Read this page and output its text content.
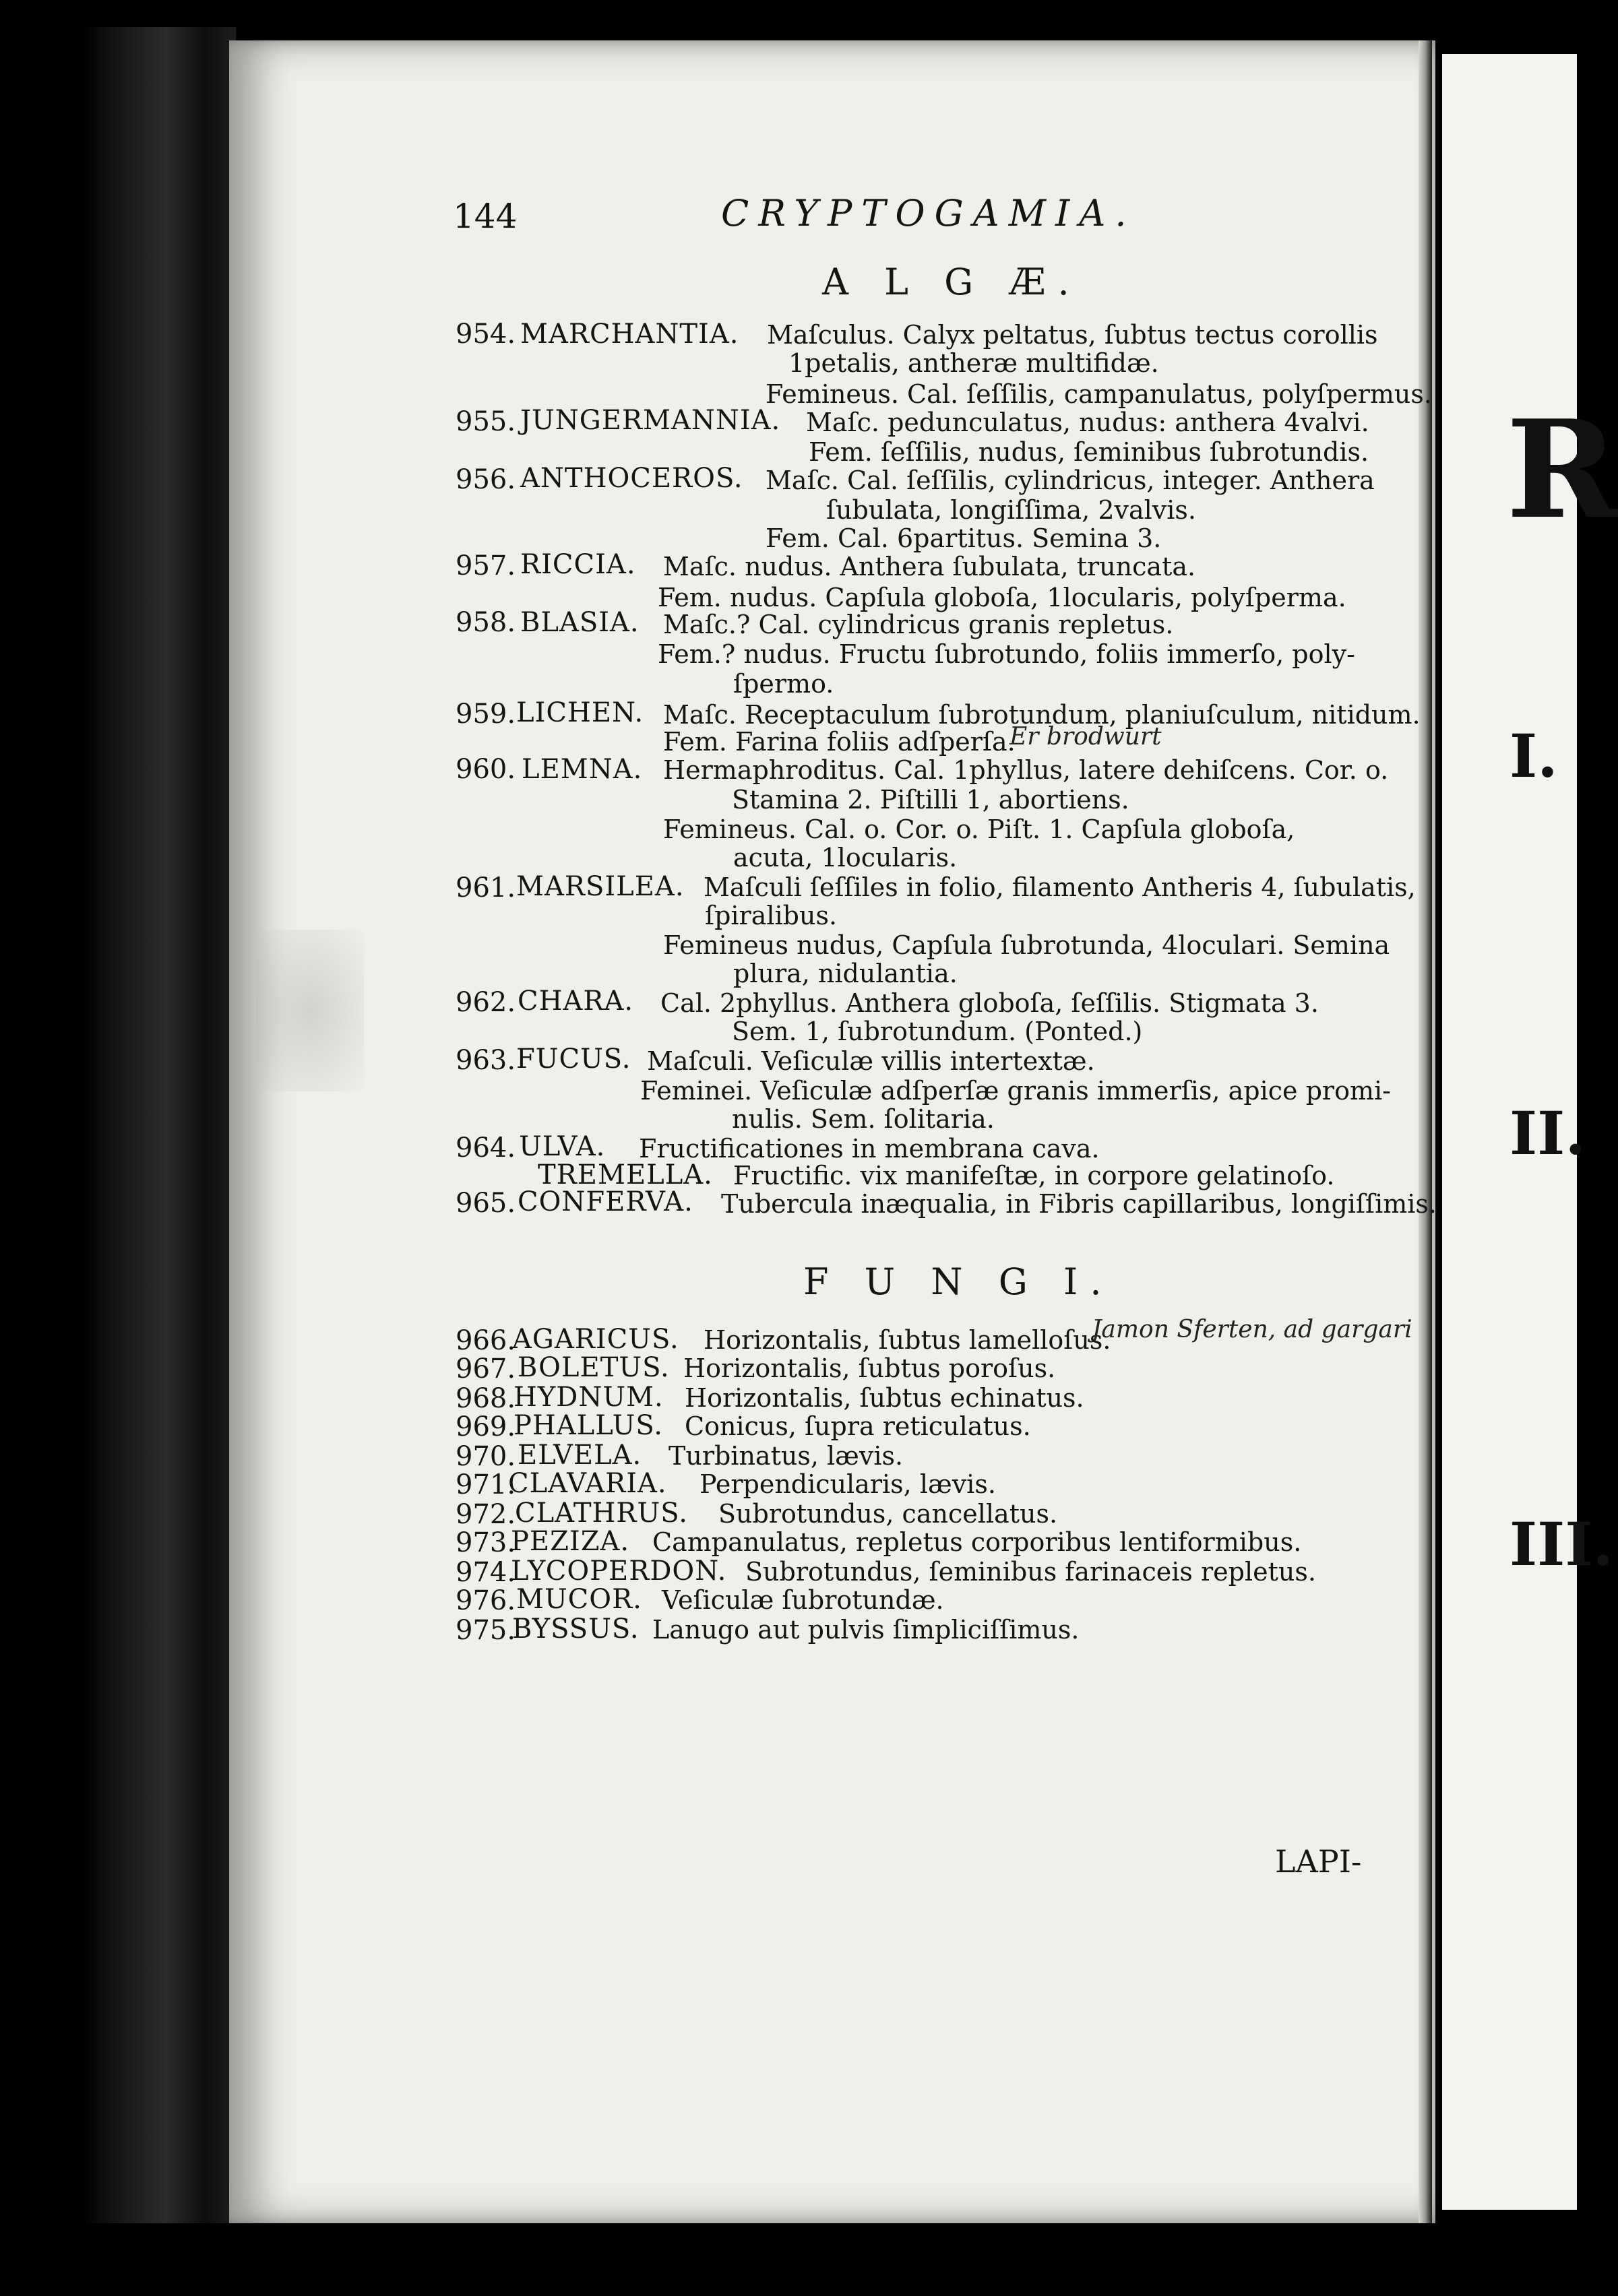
R
I.
II.
III.
144	CRYPTOGAMIA.
A L G Æ.
954. MARCHANTIA. Maſculus. Calyx peltatus, ſubtus tectus corollis
1petalis, antheræ multifidæ.
Femineus. Cal. ſeſſilis, campanulatus, polyſpermus.
955. JUNGERMANNIA. Maſc. pedunculatus, nudus: anthera 4valvi.
Fem. ſeſſilis, nudus, ſeminibus ſubrotundis.
956. ANTHOCEROS. Maſc. Cal. ſeſſilis, cylindricus, integer. Anthera
ſubulata, longiſſima, 2valvis.
Fem. Cal. 6partitus. Semina 3.
957. RICCIA. Maſc. nudus. Anthera ſubulata, truncata.
Fem. nudus. Capſula globoſa, 1locularis, polyſperma.
958. BLASIA. Maſc.? Cal. cylindricus granis repletus.
Fem.? nudus. Fructu ſubrotundo, foliis immerſo, poly-
ſpermo.
959. LICHEN. Maſc. Receptaculum ſubrotundum, planiuſculum, nitidum.
Fem. Farina foliis adſperſa.
Er brodwurt
960. LEMNA. Hermaphroditus. Cal. 1phyllus, latere dehiſcens. Cor. o.
Stamina 2. Piſtilli 1, abortiens.
Femineus. Cal. o. Cor. o. Piſt. 1. Capſula globoſa,
acuta, 1locularis.
961. MARSILEA. Maſculi ſeſſiles in folio, filamento Antheris 4, ſubulatis,
ſpiralibus.
Femineus nudus, Capſula ſubrotunda, 4loculari. Semina
plura, nidulantia.
962. CHARA. Cal. 2phyllus. Anthera globoſa, ſeſſilis. Stigmata 3.
Sem. 1, ſubrotundum. (Ponted.)
963. FUCUS. Maſculi. Veſiculæ villis intertextæ.
Feminei. Veſiculæ adſperſæ granis immerſis, apice promi-
nulis. Sem. ſolitaria.
964. ULVA. Fructificationes in membrana cava.
TREMELLA. Fructific. vix manifeſtæ, in corpore gelatinoſo.
965. CONFERVA. Tubercula inæqualia, in Fibris capillaribus, longiſſimis.
F U N G I.
966.
AGARICUS. Horizontalis, ſubtus lamelloſus.
Jamon Sferten, ad gargari
967. BOLETUS. Horizontalis, ſubtus poroſus.
968.
HYDNUM. Horizontalis, ſubtus echinatus.
969.
PHALLUS. Conicus, ſupra reticulatus.
970. ELVELA. Turbinatus, lævis.
971.
CLAVARIA. Perpendicularis, lævis.
972.
CLATHRUS. Subrotundus, cancellatus.
973.
PEZIZA. Campanulatus, repletus corporibus lentiformibus.
974.
LYCOPERDON. Subrotundus, ſeminibus farinaceis repletus.
976. MUCOR. Veſiculæ ſubrotundæ.
975.
BYSSUS. Lanugo aut pulvis ſimpliciſſimus.
LAPI-
